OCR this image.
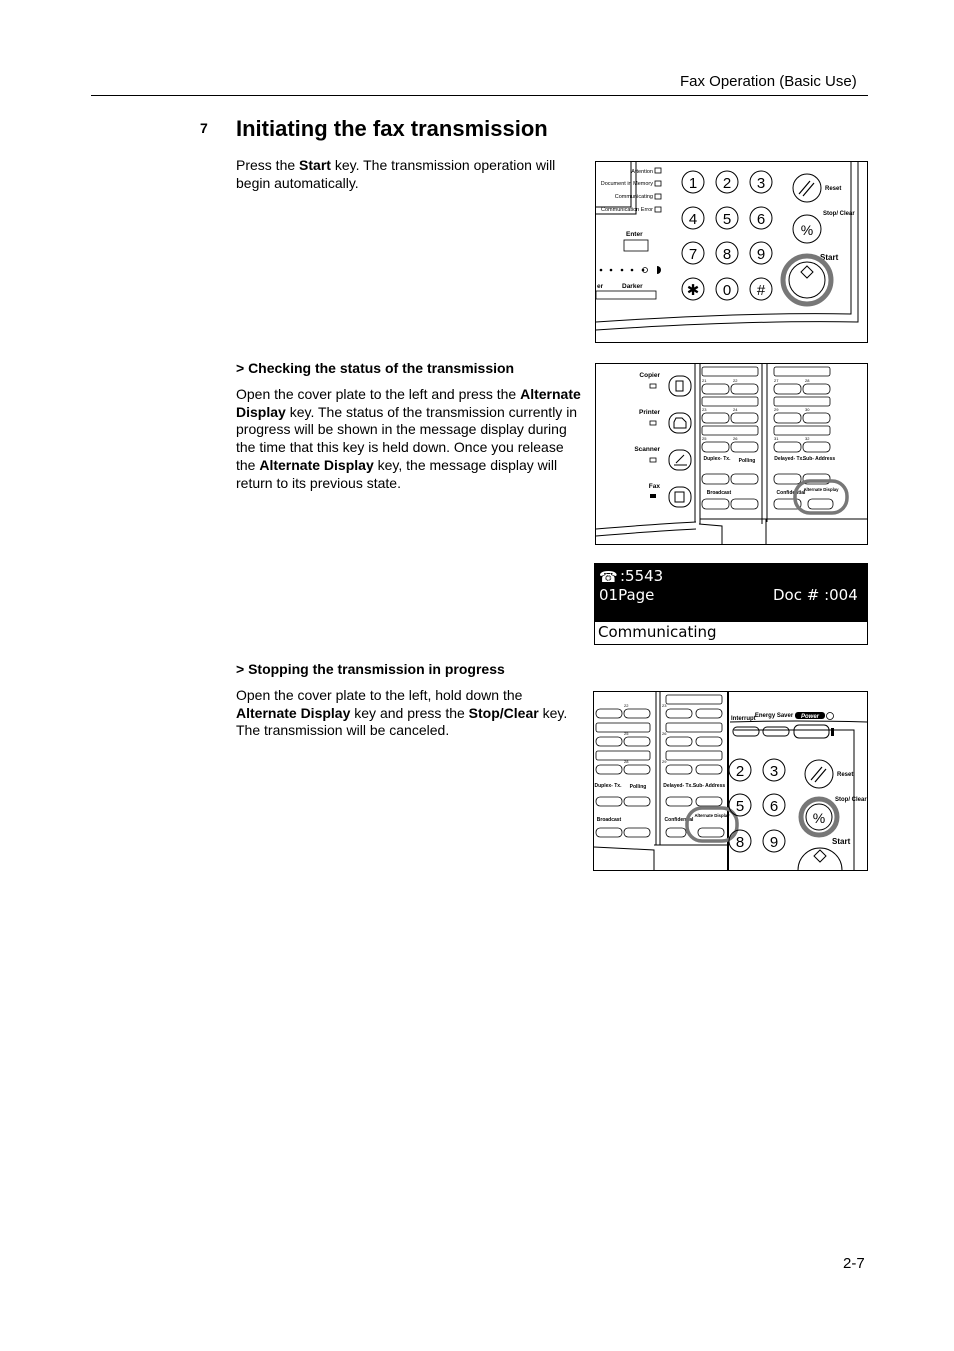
Fax Operation (Basic Use)
7 Initiating the fax transmission
Press the Start key. The transmission operation will begin automatically.
> Checking the status of the transmission
Open the cover plate to the left and press the Alternate Display key. The status of the transmission currently in progress will be shown in the message display during the time that this key is held down. Once you release the Alternate Display key, the message display will return to its previous state.
> Stopping the transmission in progress
Open the cover plate to the left, hold down the Alternate Display key and press the Stop/Clear key. The transmission will be canceled.
Attention
Document in Memory
Communicating
Communication Error
Enter
er	Darker
1 2 3
4 5 6
7 8 9
✱ 0 #
Reset
%
Stop/ Clear
Start
Copier
Printer
Scanner
Fax
21	22
23	24
25	26
27	28
29	30
31	32
Duplex- Tx. Polling	Delayed- Tx. Sub- Address
Broadcast	Confidential
Alternate Display
☎ :5543
01Page	Doc # :004
Communicating
22	23
25	26
28	29
Duplex- Tx. Polling	Delayed- Tx. Sub- Address
Broadcast	Confidential
Alternate Display
Interrupt Energy Saver Power
2 3
5 6
8 9
Reset
%
Stop/ Clear
Start
2-7
